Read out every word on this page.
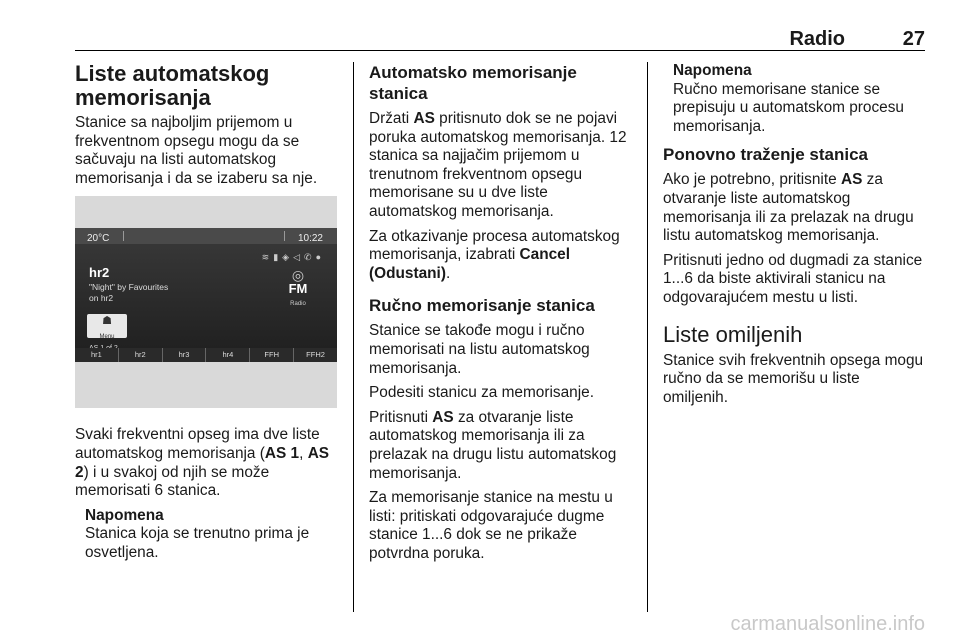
Radio	27
Liste automatskog memorisanja

Stanice sa najboljim prijemom u frekventnom opsegu mogu da se sačuvaju na listi automatskog memorisanja i da se izaberu sa nje.

20°C	10:22
≋▮◈◁✆●
hr2
"Night" by Favourites on hr2
◎
FM
Radio
☗
Menu
hr1	hr2	hr3	hr4	FFH	FFH2

Svaki frekventni opseg ima dve liste automatskog memorisanja (AS 1, AS 2) i u svakoj od njih se može memorisati 6 stanica.

Napomena
Stanica koja se trenutno prima je osvetljena.
Automatsko memorisanje stanica

Držati AS pritisnuto dok se ne pojavi poruka automatskog memorisanja. 12 stanica sa najjačim prijemom u trenutnom frekventnom opsegu memorisane su u dve liste automatskog memorisanja.

Za otkazivanje procesa automatskog memorisanja, izabrati Cancel (Odustani).

Ručno memorisanje stanica

Stanice se takođe mogu i ručno memorisati na listu automatskog memorisanja.

Podesiti stanicu za memorisanje.

Pritisnuti AS za otvaranje liste automatskog memorisanja ili za prelazak na drugu listu automatskog memorisanja.

Za memorisanje stanice na mestu u listi: pritiskati odgovarajuće dugme stanice 1...6 dok se ne prikaže potvrdna poruka.

Napomena
Ručno memorisane stanice se prepisuju u automatskom procesu memorisanja.
Ponovno traženje stanica

Ako je potrebno, pritisnite AS za otvaranje liste automatskog memorisanja ili za prelazak na drugu listu automatskog memorisanja.

Pritisnuti jedno od dugmadi za stanice 1...6 da biste aktivirali stanicu na odgovarajućem mestu u listi.

Liste omiljenih

Stanice svih frekventnih opsega mogu ručno da se memorišu u liste omiljenih.

carmanualsonline.info
